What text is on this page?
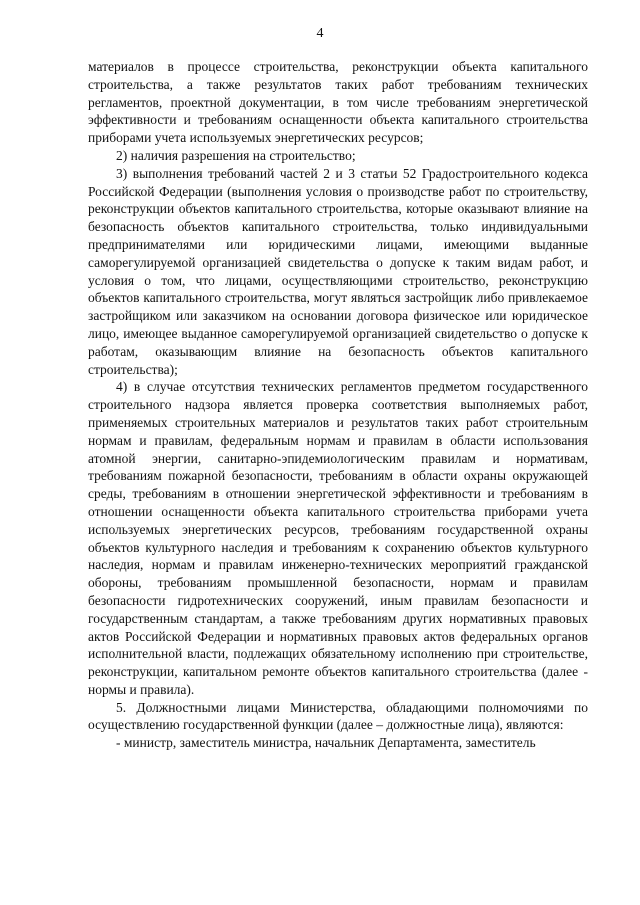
4

материалов в процессе строительства, реконструкции объекта капитального строительства, а также результатов таких работ требованиям технических регламентов, проектной документации, в том числе требованиям энергетической эффективности и требованиям оснащенности объекта капитального строительства приборами учета используемых энергетических ресурсов;

2) наличия разрешения на строительство;

3) выполнения требований частей 2 и 3 статьи 52 Градостроительного кодекса Российской Федерации (выполнения условия о производстве работ по строительству, реконструкции объектов капитального строительства, которые оказывают влияние на безопасность объектов капитального строительства, только индивидуальными предпринимателями или юридическими лицами, имеющими выданные саморегулируемой организацией свидетельства о допуске к таким видам работ, и условия о том, что лицами, осуществляющими строительство, реконструкцию объектов капитального строительства, могут являться застройщик либо привлекаемое застройщиком или заказчиком на основании договора физическое или юридическое лицо, имеющее выданное саморегулируемой организацией свидетельство о допуске к работам, оказывающим влияние на безопасность объектов капитального строительства);

4) в случае отсутствия технических регламентов предметом государственного строительного надзора является проверка соответствия выполняемых работ, применяемых строительных материалов и результатов таких работ строительным нормам и правилам, федеральным нормам и правилам в области использования атомной энергии, санитарно-эпидемиологическим правилам и нормативам, требованиям пожарной безопасности, требованиям в области охраны окружающей среды, требованиям в отношении энергетической эффективности и требованиям в отношении оснащенности объекта капитального строительства приборами учета используемых энергетических ресурсов, требованиям государственной охраны объектов культурного наследия и требованиям к сохранению объектов культурного наследия, нормам и правилам инженерно-технических мероприятий гражданской обороны, требованиям промышленной безопасности, нормам и правилам безопасности гидротехнических сооружений, иным правилам безопасности и государственным стандартам, а также требованиям других нормативных правовых актов Российской Федерации и нормативных правовых актов федеральных органов исполнительной власти, подлежащих обязательному исполнению при строительстве, реконструкции, капитальном ремонте объектов капитального строительства (далее - нормы и правила).

5. Должностными лицами Министерства, обладающими полномочиями по осуществлению государственной функции (далее – должностные лица), являются:

- министр, заместитель министра, начальник Департамента, заместитель
